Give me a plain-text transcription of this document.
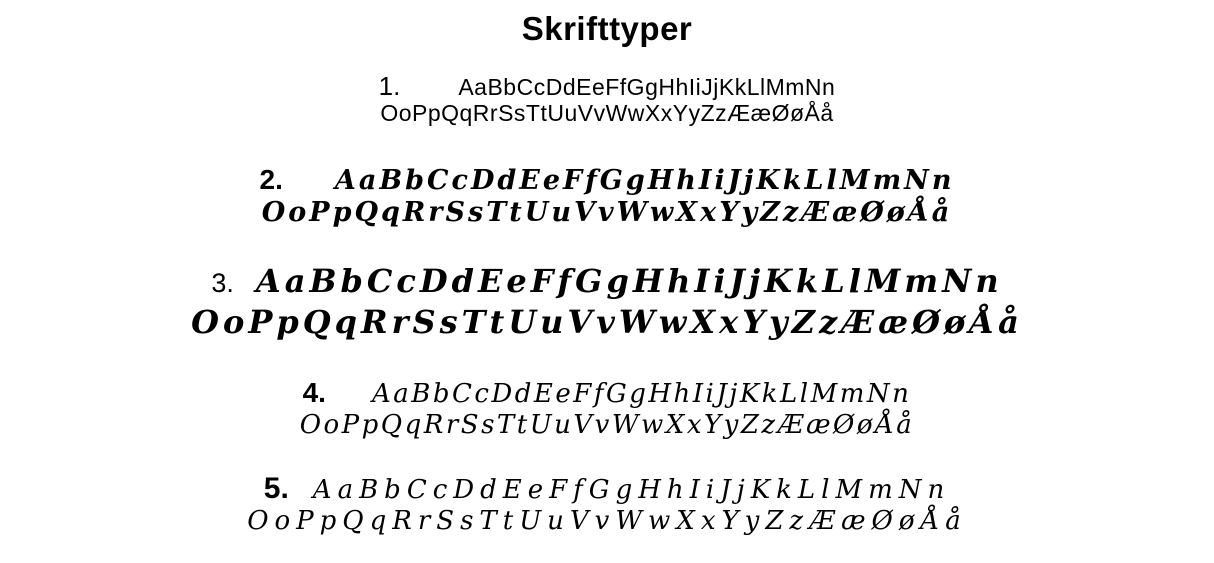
Skrifttyper
1.	AaBbCcDdEeFfGgHhIiJjKkLlMmNn
OoPpQqRrSsTtUuVvWwXxYyZzÆæØøÅå
2. AaBbCcDdEeFfGgHhIiJjKkLlMmNn
OoPpQqRrSsTtUuVvWwXxYyZzÆæØøÅå
3. AaBbCcDdEeFfGgHhIiJjKkLlMmNn
OoPpQqRrSsTtUuVvWwXxYyZzÆæØøÅå
4. AaBbCcDdEeFfGgHhIiJjKkLlMmNn
OoPpQqRrSsTtUuVvWwXxYyZzÆæØøÅå
5. AaBbCcDdEeFfGgHhIiJjKkLlMmNn
OoPpQqRrSsTtUuVvWwXxYyZzÆæØøÅå
